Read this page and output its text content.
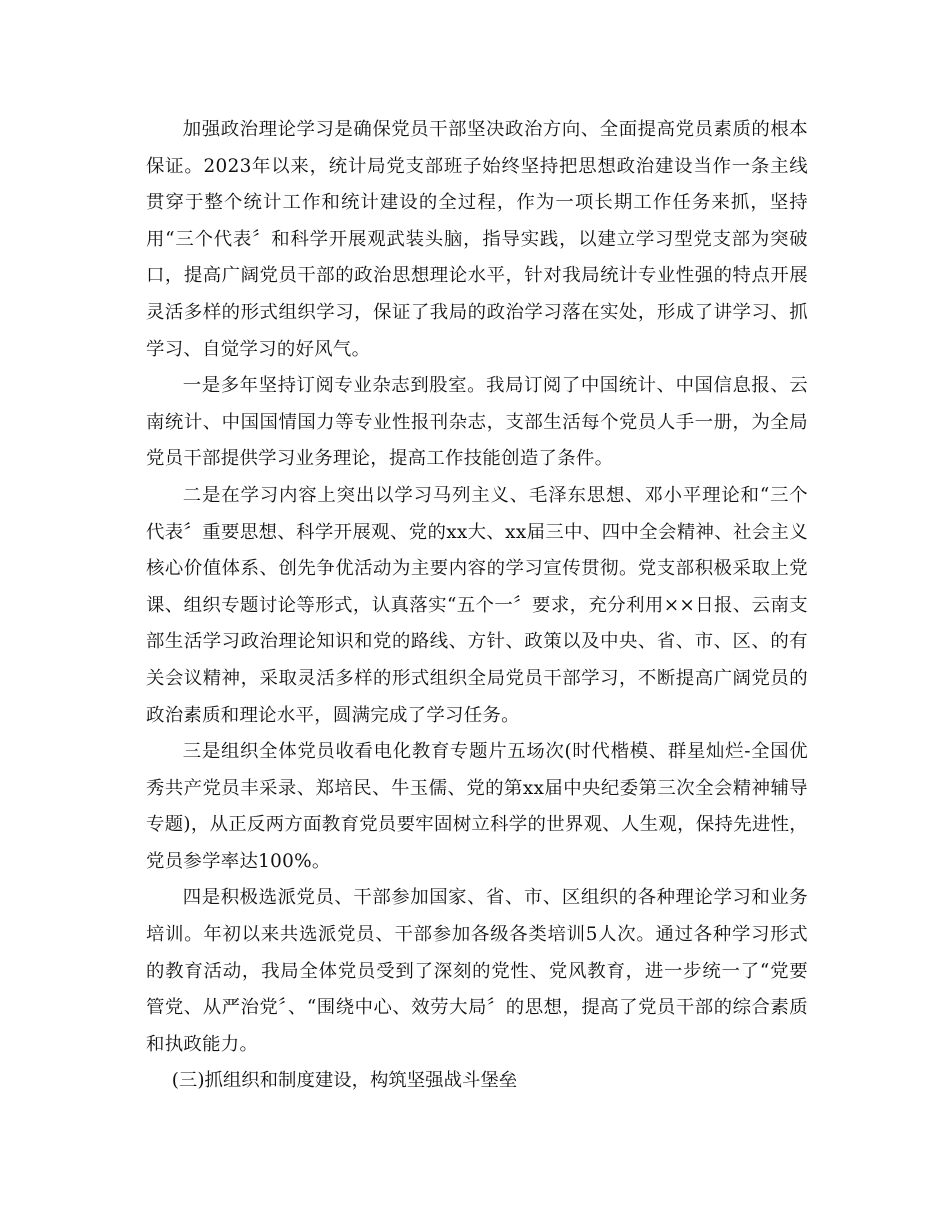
加强政治理论学习是确保党员干部坚决政治方向、全面提高党员素质的根本保证。2023年以来，统计局党支部班子始终坚持把思想政治建设当作一条主线贯穿于整个统计工作和统计建设的全过程，作为一项长期工作任务来抓，坚持用“三个代表〞和科学开展观武装头脑，指导实践，以建立学习型党支部为突破口，提高广阔党员干部的政治思想理论水平，针对我局统计专业性强的特点开展灵活多样的形式组织学习，保证了我局的政治学习落在实处，形成了讲学习、抓学习、自觉学习的好风气。

一是多年坚持订阅专业杂志到股室。我局订阅了中国统计、中国信息报、云南统计、中国国情国力等专业性报刊杂志，支部生活每个党员人手一册，为全局党员干部提供学习业务理论，提高工作技能创造了条件。

二是在学习内容上突出以学习马列主义、毛泽东思想、邓小平理论和“三个代表〞重要思想、科学开展观、党的xx大、xx届三中、四中全会精神、社会主义核心价值体系、创先争优活动为主要内容的学习宣传贯彻。党支部积极采取上党课、组织专题讨论等形式，认真落实“五个一〞要求，充分利用××日报、云南支部生活学习政治理论知识和党的路线、方针、政策以及中央、省、市、区、的有关会议精神，采取灵活多样的形式组织全局党员干部学习，不断提高广阔党员的政治素质和理论水平，圆满完成了学习任务。

三是组织全体党员收看电化教育专题片五场次(时代楷模、群星灿烂-全国优秀共产党员丰采录、郑培民、牛玉儒、党的第xx届中央纪委第三次全会精神辅导专题)，从正反两方面教育党员要牢固树立科学的世界观、人生观，保持先进性，党员参学率达100%。

四是积极选派党员、干部参加国家、省、市、区组织的各种理论学习和业务培训。年初以来共选派党员、干部参加各级各类培训5人次。通过各种学习形式的教育活动，我局全体党员受到了深刻的党性、党风教育，进一步统一了“党要管党、从严治党〞、“围绕中心、效劳大局〞的思想，提高了党员干部的综合素质和执政能力。

(三)抓组织和制度建设，构筑坚强战斗堡垒
